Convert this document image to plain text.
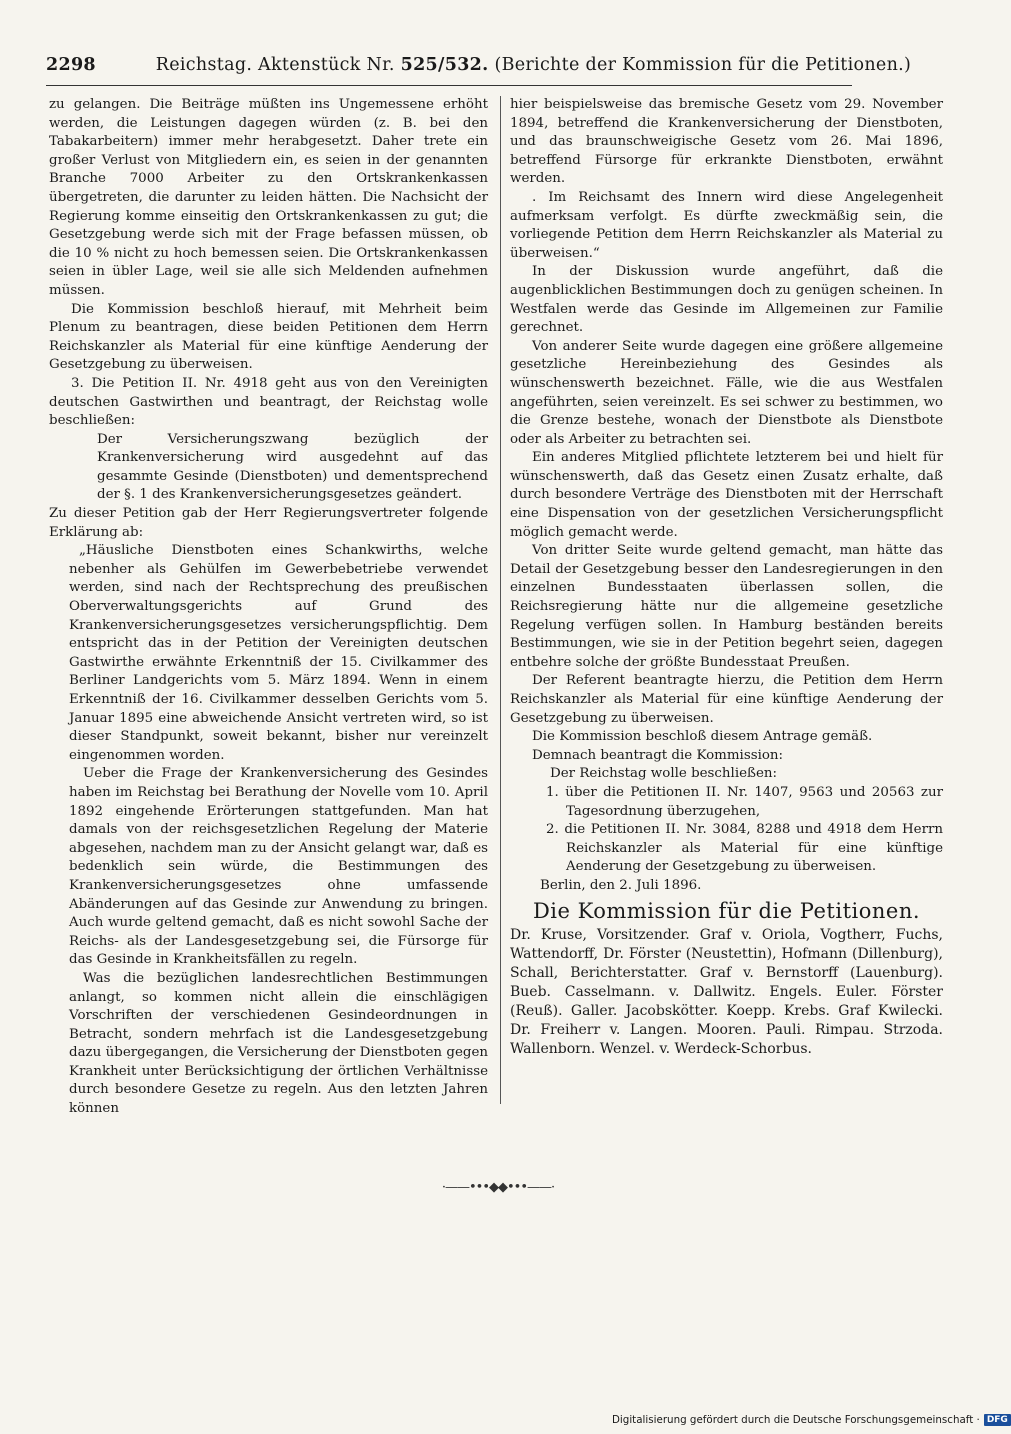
2298	Reichstag. Aktenstück Nr. 525/532. (Berichte der Kommission für die Petitionen.)

zu gelangen. Die Beiträge müßten ins Ungemessene erhöht werden, die Leistungen dagegen würden (z. B. bei den Tabakarbeitern) immer mehr herabgesetzt. Daher trete ein großer Verlust von Mitgliedern ein, es seien in der genannten Branche 7000 Arbeiter zu den Ortskrankenkassen übergetreten, die darunter zu leiden hätten. Die Nachsicht der Regierung komme einseitig den Ortskrankenkassen zu gut; die Gesetzgebung werde sich mit der Frage befassen müssen, ob die 10 % nicht zu hoch bemessen seien. Die Ortskrankenkassen seien in übler Lage, weil sie alle sich Meldenden aufnehmen müssen.

Die Kommission beschloß hierauf, mit Mehrheit beim Plenum zu beantragen, diese beiden Petitionen dem Herrn Reichskanzler als Material für eine künftige Aenderung der Gesetzgebung zu überweisen.

3. Die Petition II. Nr. 4918 geht aus von den Vereinigten deutschen Gastwirthen und beantragt, der Reichstag wolle beschließen:

Der Versicherungszwang bezüglich der Krankenversicherung wird ausgedehnt auf das gesammte Gesinde (Dienstboten) und dementsprechend der §. 1 des Krankenversicherungsgesetzes geändert.

Zu dieser Petition gab der Herr Regierungsvertreter folgende Erklärung ab:

„Häusliche Dienstboten eines Schankwirths, welche nebenher als Gehülfen im Gewerbebetriebe verwendet werden, sind nach der Rechtsprechung des preußischen Oberverwaltungsgerichts auf Grund des Krankenversicherungsgesetzes versicherungspflichtig. Dem entspricht das in der Petition der Vereinigten deutschen Gastwirthe erwähnte Erkenntniß der 15. Civilkammer des Berliner Landgerichts vom 5. März 1894. Wenn in einem Erkenntniß der 16. Civilkammer desselben Gerichts vom 5. Januar 1895 eine abweichende Ansicht vertreten wird, so ist dieser Standpunkt, soweit bekannt, bisher nur vereinzelt eingenommen worden.

Ueber die Frage der Krankenversicherung des Gesindes haben im Reichstag bei Berathung der Novelle vom 10. April 1892 eingehende Erörterungen stattgefunden. Man hat damals von der reichsgesetzlichen Regelung der Materie abgesehen, nachdem man zu der Ansicht gelangt war, daß es bedenklich sein würde, die Bestimmungen des Krankenversicherungsgesetzes ohne umfassende Abänderungen auf das Gesinde zur Anwendung zu bringen. Auch wurde geltend gemacht, daß es nicht sowohl Sache der Reichs- als der Landesgesetzgebung sei, die Fürsorge für das Gesinde in Krankheitsfällen zu regeln.

Was die bezüglichen landesrechtlichen Bestimmungen anlangt, so kommen nicht allein die einschlägigen Vorschriften der verschiedenen Gesindeordnungen in Betracht, sondern mehrfach ist die Landesgesetzgebung dazu übergegangen, die Versicherung der Dienstboten gegen Krankheit unter Berücksichtigung der örtlichen Verhältnisse durch besondere Gesetze zu regeln. Aus den letzten Jahren können

hier beispielsweise das bremische Gesetz vom 29. November 1894, betreffend die Krankenversicherung der Dienstboten, und das braunschweigische Gesetz vom 26. Mai 1896, betreffend Fürsorge für erkrankte Dienstboten, erwähnt werden.

. Im Reichsamt des Innern wird diese Angelegenheit aufmerksam verfolgt. Es dürfte zweckmäßig sein, die vorliegende Petition dem Herrn Reichskanzler als Material zu überweisen.“

In der Diskussion wurde angeführt, daß die augenblicklichen Bestimmungen doch zu genügen scheinen. In Westfalen werde das Gesinde im Allgemeinen zur Familie gerechnet.

Von anderer Seite wurde dagegen eine größere allgemeine gesetzliche Hereinbeziehung des Gesindes als wünschenswerth bezeichnet. Fälle, wie die aus Westfalen angeführten, seien vereinzelt. Es sei schwer zu bestimmen, wo die Grenze bestehe, wonach der Dienstbote als Dienstbote oder als Arbeiter zu betrachten sei.

Ein anderes Mitglied pflichtete letzterem bei und hielt für wünschenswerth, daß das Gesetz einen Zusatz erhalte, daß durch besondere Verträge des Dienstboten mit der Herrschaft eine Dispensation von der gesetzlichen Versicherungspflicht möglich gemacht werde.

Von dritter Seite wurde geltend gemacht, man hätte das Detail der Gesetzgebung besser den Landesregierungen in den einzelnen Bundesstaaten überlassen sollen, die Reichsregierung hätte nur die allgemeine gesetzliche Regelung verfügen sollen. In Hamburg beständen bereits Bestimmungen, wie sie in der Petition begehrt seien, dagegen entbehre solche der größte Bundesstaat Preußen.

Der Referent beantragte hierzu, die Petition dem Herrn Reichskanzler als Material für eine künftige Aenderung der Gesetzgebung zu überweisen.

Die Kommission beschloß diesem Antrage gemäß.

Demnach beantragt die Kommission:

Der Reichstag wolle beschließen:

1. über die Petitionen II. Nr. 1407, 9563 und 20563 zur Tagesordnung überzugehen,

2. die Petitionen II. Nr. 3084, 8288 und 4918 dem Herrn Reichskanzler als Material für eine künftige Aenderung der Gesetzgebung zu überweisen.

Berlin, den 2. Juli 1896.

Die Kommission für die Petitionen.

Dr. Kruse, Vorsitzender. Graf v. Oriola, Vogtherr, Fuchs, Wattendorff, Dr. Förster (Neustettin), Hofmann (Dillenburg), Schall, Berichterstatter. Graf v. Bernstorff (Lauenburg). Bueb. Casselmann. v. Dallwitz. Engels. Euler. Förster (Reuß). Galler. Jacobskötter. Koepp. Krebs. Graf Kwilecki. Dr. Freiherr v. Langen. Mooren. Pauli. Rimpau. Strzoda. Wallenborn. Wenzel. v. Werdeck-Schorbus.

·——•••◆◆•••——·
Digitalisierung gefördert durch die Deutsche Forschungsgemeinschaft · DFG
